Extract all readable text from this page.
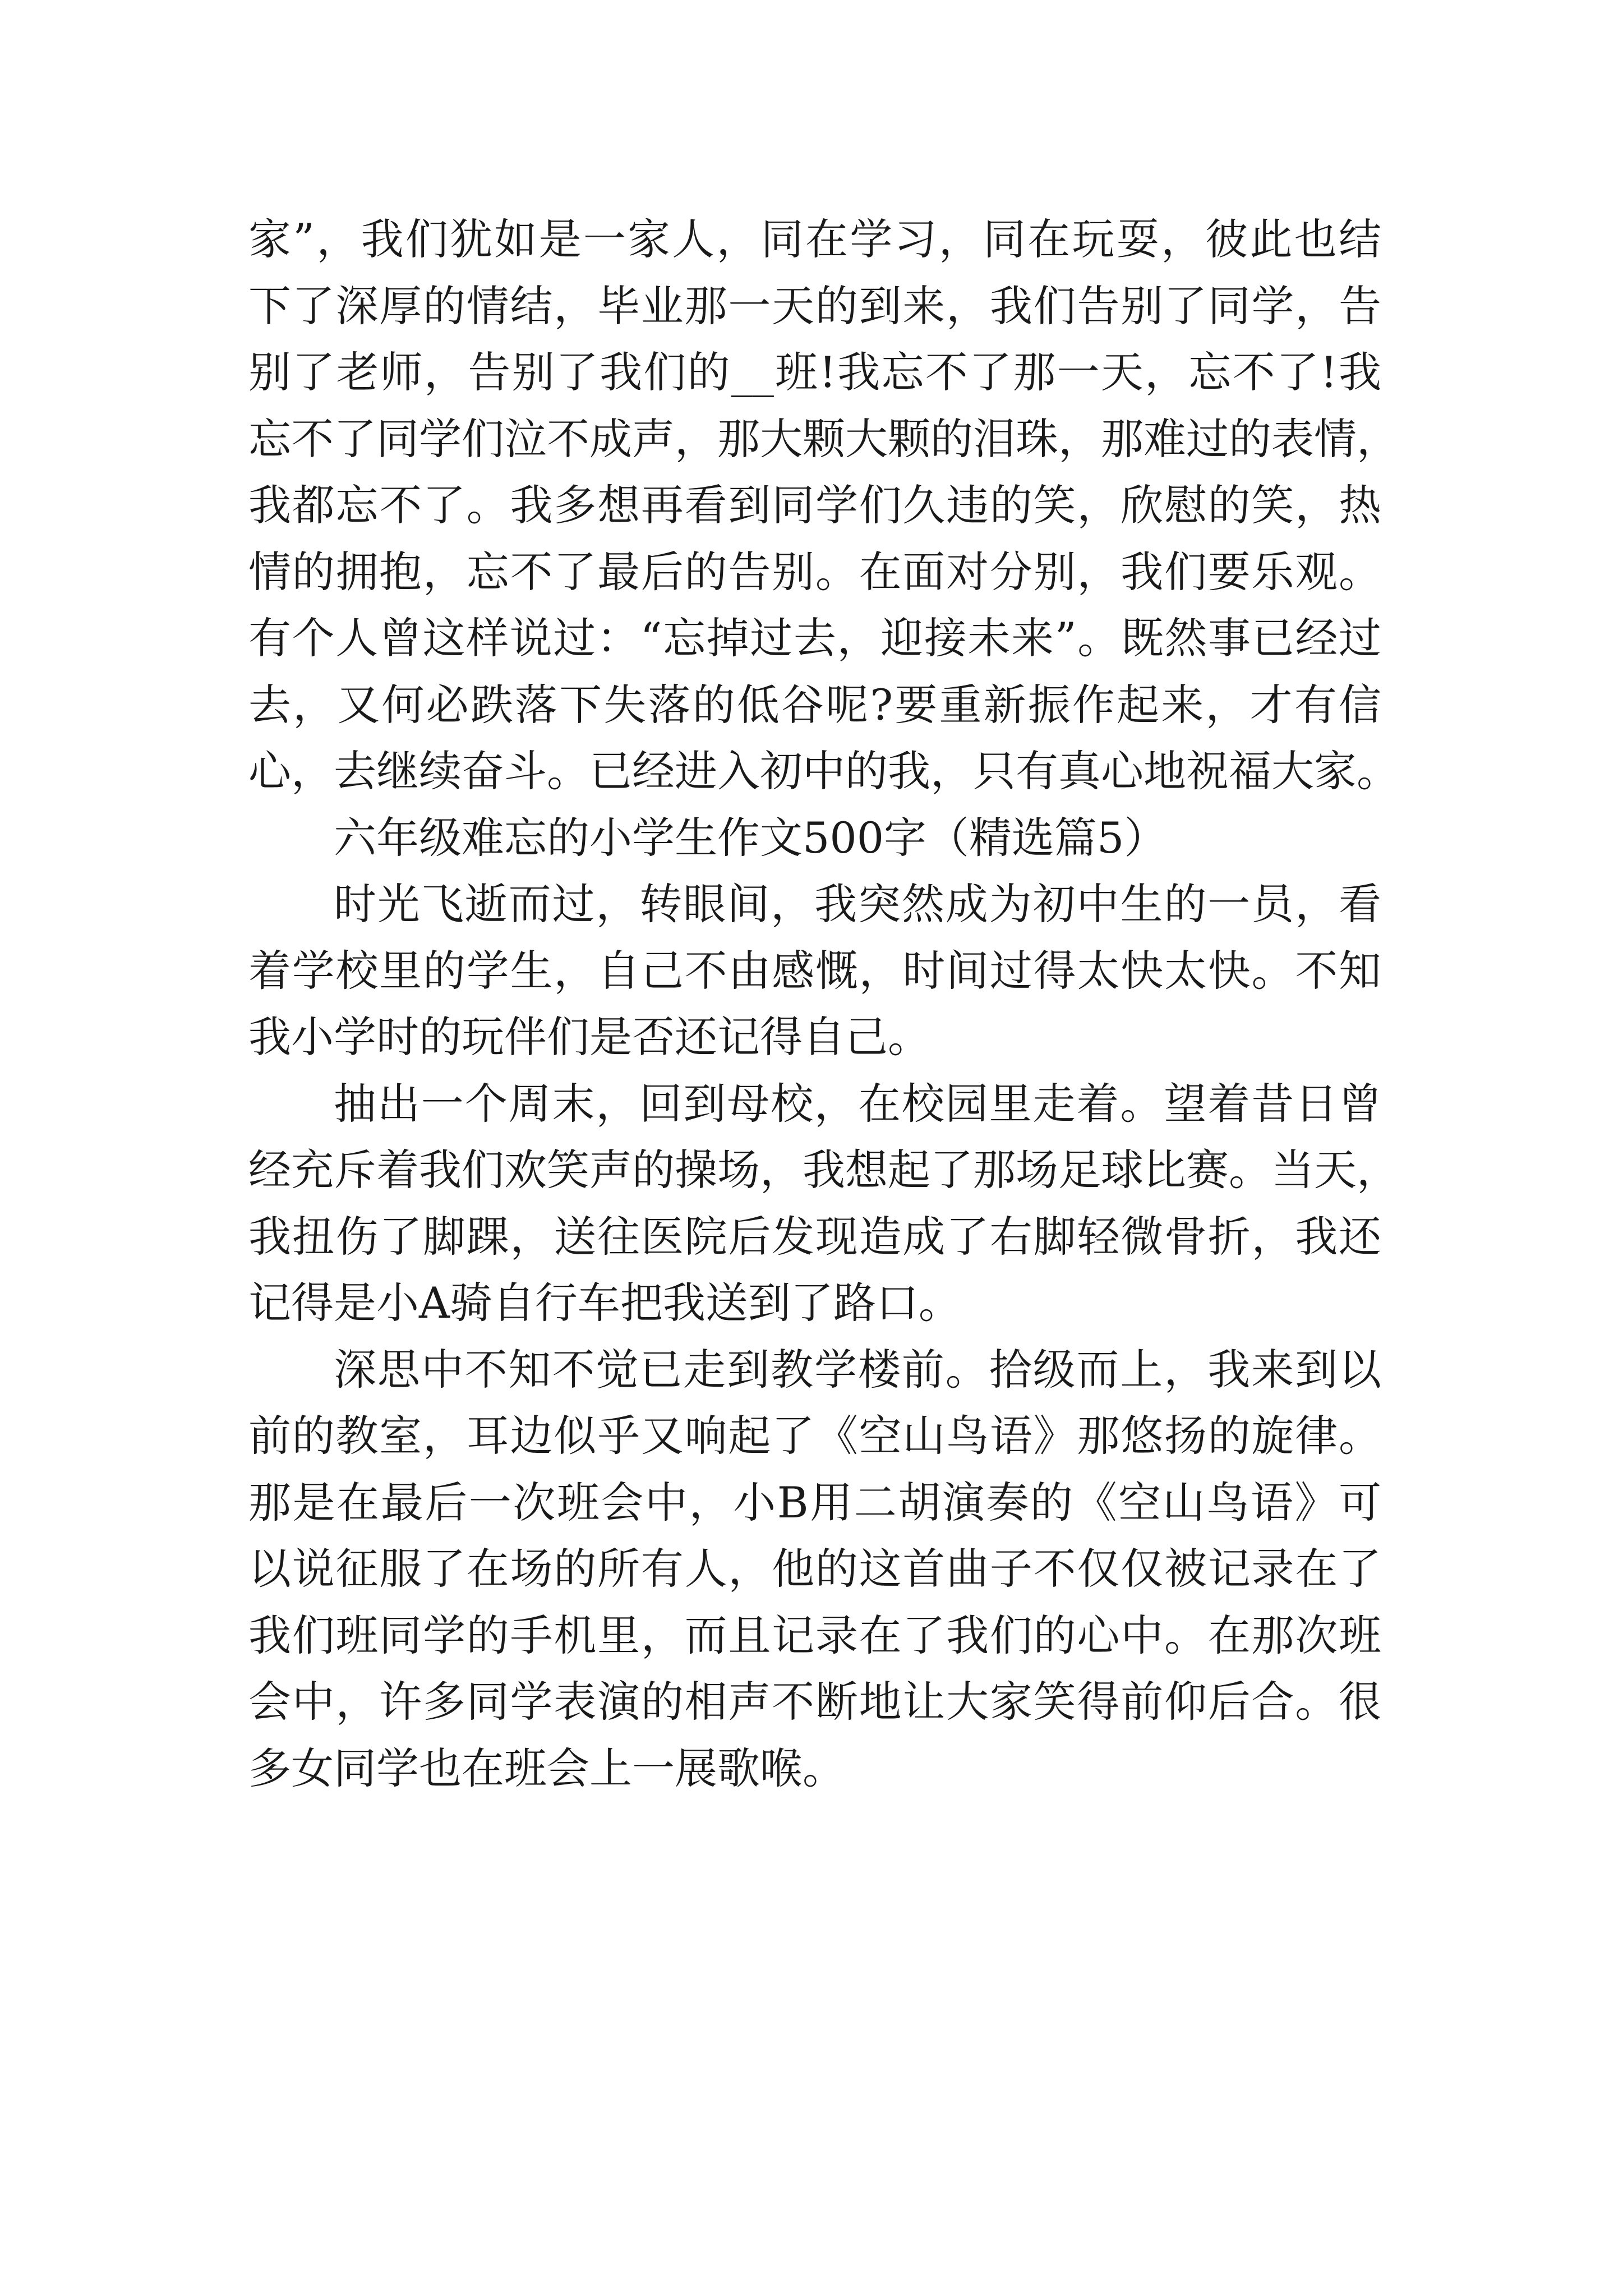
家”，我们犹如是一家人，同在学习，同在玩耍，彼此也结
下了深厚的情结，毕业那一天的到来，我们告别了同学，告
别了老师，告别了我们的__班!我忘不了那一天，忘不了!我
忘不了同学们泣不成声，那大颗大颗的泪珠，那难过的表情，
我都忘不了。我多想再看到同学们久违的笑，欣慰的笑，热
情的拥抱，忘不了最后的告别。在面对分别，我们要乐观。
有个人曾这样说过：“忘掉过去，迎接未来”。既然事已经过
去，又何必跌落下失落的低谷呢?要重新振作起来，才有信
心，去继续奋斗。已经进入初中的我，只有真心地祝福大家。
六年级难忘的小学生作文500字（精选篇5）
时光飞逝而过，转眼间，我突然成为初中生的一员，看
着学校里的学生，自己不由感慨，时间过得太快太快。不知
我小学时的玩伴们是否还记得自己。
抽出一个周末，回到母校，在校园里走着。望着昔日曾
经充斥着我们欢笑声的操场，我想起了那场足球比赛。当天，
我扭伤了脚踝，送往医院后发现造成了右脚轻微骨折，我还
记得是小A骑自行车把我送到了路口。
深思中不知不觉已走到教学楼前。拾级而上，我来到以
前的教室，耳边似乎又响起了《空山鸟语》那悠扬的旋律。
那是在最后一次班会中，小B用二胡演奏的《空山鸟语》可
以说征服了在场的所有人，他的这首曲子不仅仅被记录在了
我们班同学的手机里，而且记录在了我们的心中。在那次班
会中，许多同学表演的相声不断地让大家笑得前仰后合。很
多女同学也在班会上一展歌喉。
